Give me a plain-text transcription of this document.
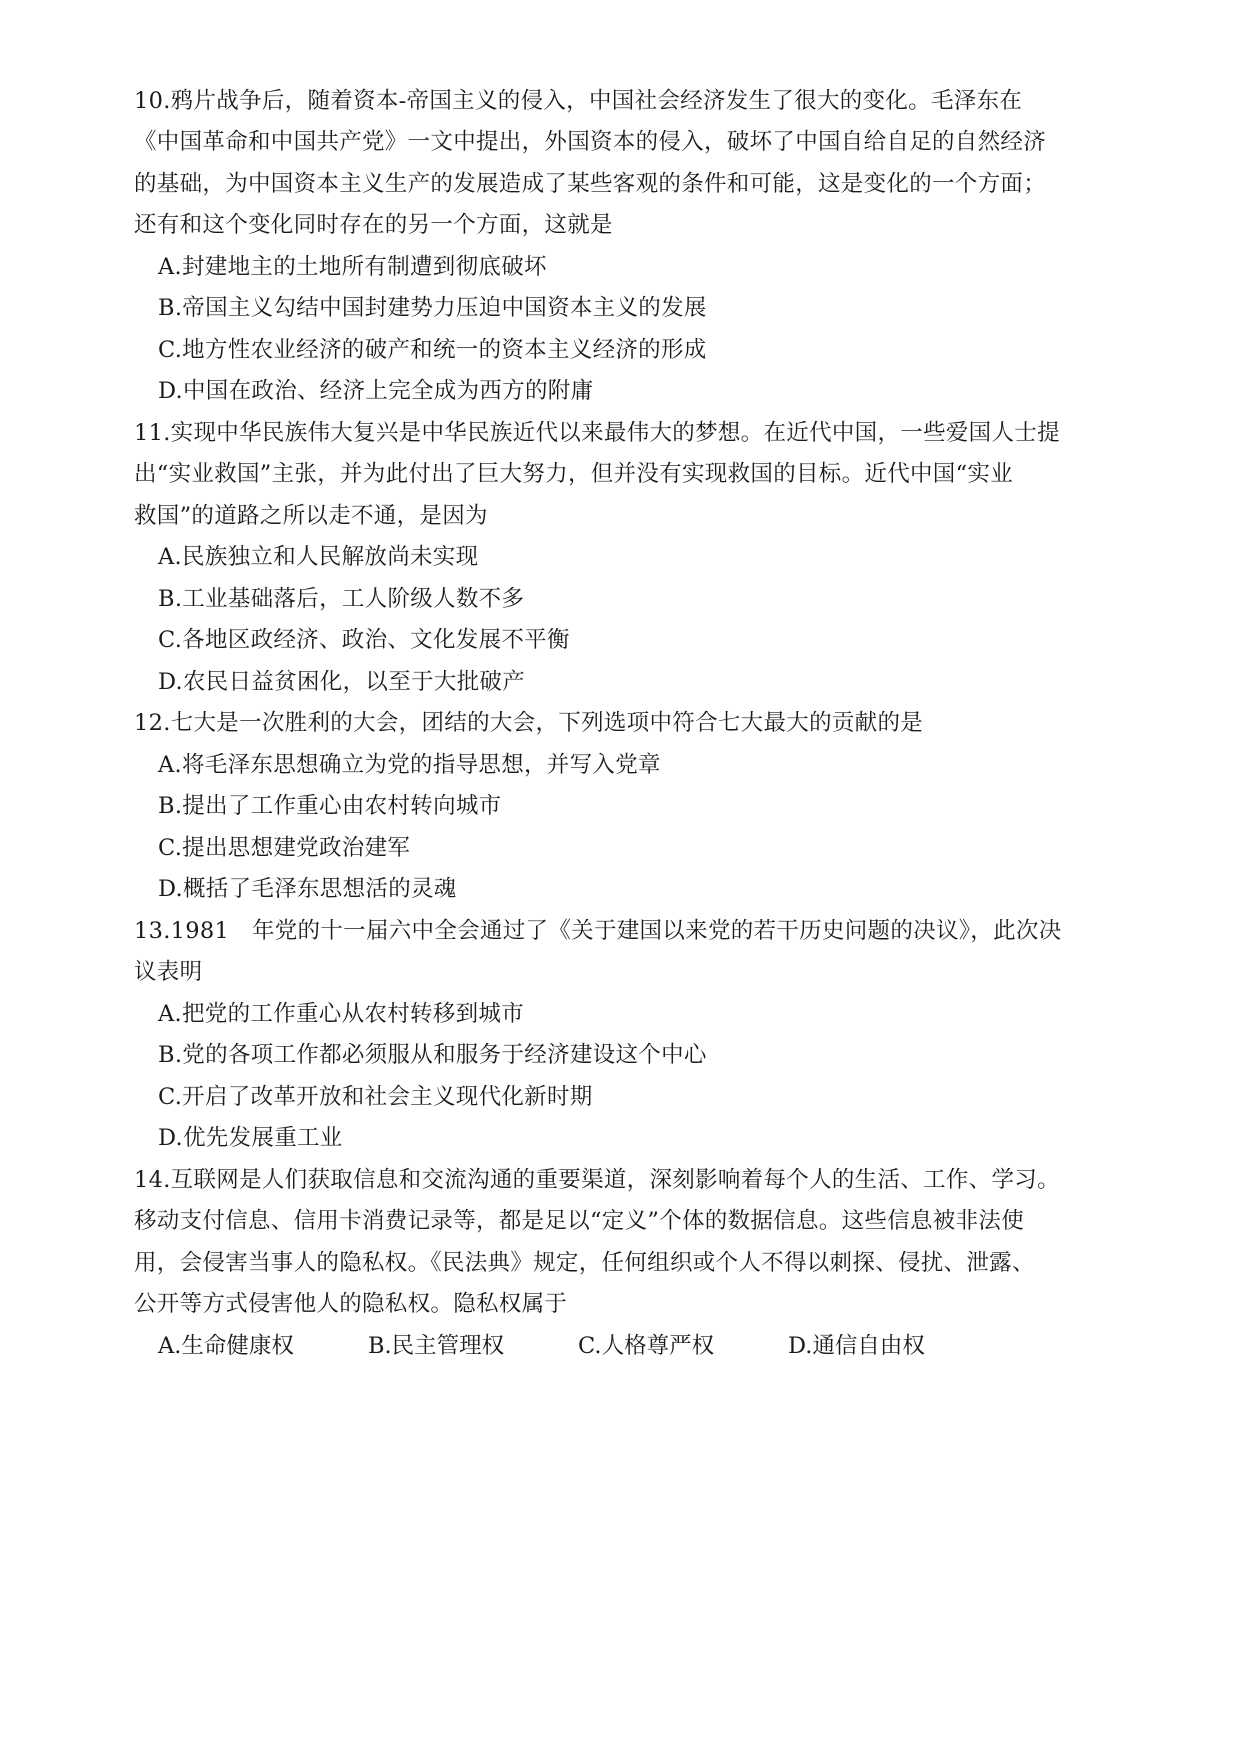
10.鸦片战争后，随着资本-帝国主义的侵入，中国社会经济发生了很大的变化。毛泽东在
《中国革命和中国共产党》一文中提出，外国资本的侵入，破坏了中国自给自足的自然经济
的基础，为中国资本主义生产的发展造成了某些客观的条件和可能，这是变化的一个方面；
还有和这个变化同时存在的另一个方面，这就是
A.封建地主的土地所有制遭到彻底破坏
B.帝国主义勾结中国封建势力压迫中国资本主义的发展
C.地方性农业经济的破产和统一的资本主义经济的形成
D.中国在政治、经济上完全成为西方的附庸
11.实现中华民族伟大复兴是中华民族近代以来最伟大的梦想。在近代中国，一些爱国人士提
出“实业救国”主张，并为此付出了巨大努力，但并没有实现救国的目标。近代中国“实业
救国”的道路之所以走不通，是因为
A.民族独立和人民解放尚未实现
B.工业基础落后，工人阶级人数不多
C.各地区政经济、政治、文化发展不平衡
D.农民日益贫困化，以至于大批破产
12.七大是一次胜利的大会，团结的大会，下列选项中符合七大最大的贡献的是
A.将毛泽东思想确立为党的指导思想，并写入党章
B.提出了工作重心由农村转向城市
C.提出思想建党政治建军
D.概括了毛泽东思想活的灵魂
13.1981　年党的十一届六中全会通过了《关于建国以来党的若干历史问题的决议》，此次决
议表明
A.把党的工作重心从农村转移到城市
B.党的各项工作都必须服从和服务于经济建设这个中心
C.开启了改革开放和社会主义现代化新时期
D.优先发展重工业
14.互联网是人们获取信息和交流沟通的重要渠道，深刻影响着每个人的生活、工作、学习。
移动支付信息、信用卡消费记录等，都是足以“定义”个体的数据信息。这些信息被非法使
用，会侵害当事人的隐私权。《民法典》规定，任何组织或个人不得以刺探、侵扰、泄露、
公开等方式侵害他人的隐私权。隐私权属于
A.生命健康权	B.民主管理权	C.人格尊严权	D.通信自由权
